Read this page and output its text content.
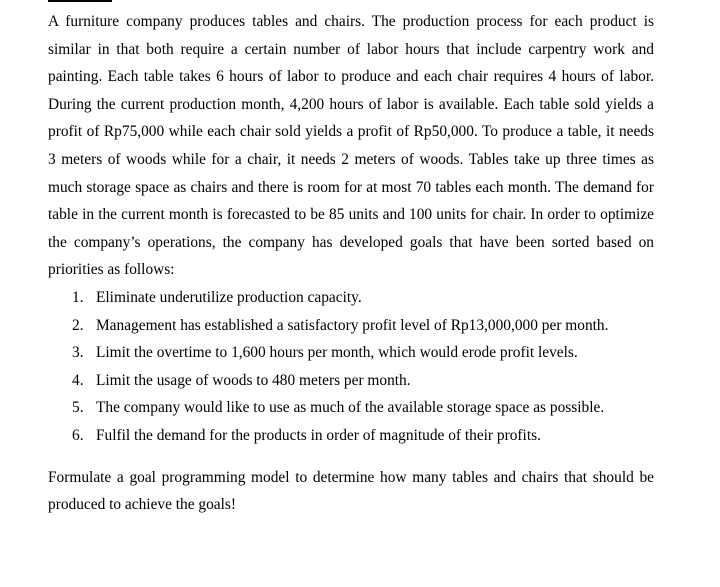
A furniture company produces tables and chairs. The production process for each product is similar in that both require a certain number of labor hours that include carpentry work and painting. Each table takes 6 hours of labor to produce and each chair requires 4 hours of labor. During the current production month, 4,200 hours of labor is available. Each table sold yields a profit of Rp75,000 while each chair sold yields a profit of Rp50,000. To produce a table, it needs 3 meters of woods while for a chair, it needs 2 meters of woods. Tables take up three times as much storage space as chairs and there is room for at most 70 tables each month. The demand for table in the current month is forecasted to be 85 units and 100 units for chair. In order to optimize the company’s operations, the company has developed goals that have been sorted based on priorities as follows:

1. Eliminate underutilize production capacity.
2. Management has established a satisfactory profit level of Rp13,000,000 per month.
3. Limit the overtime to 1,600 hours per month, which would erode profit levels.
4. Limit the usage of woods to 480 meters per month.
5. The company would like to use as much of the available storage space as possible.
6. Fulfil the demand for the products in order of magnitude of their profits.

Formulate a goal programming model to determine how many tables and chairs that should be produced to achieve the goals!
